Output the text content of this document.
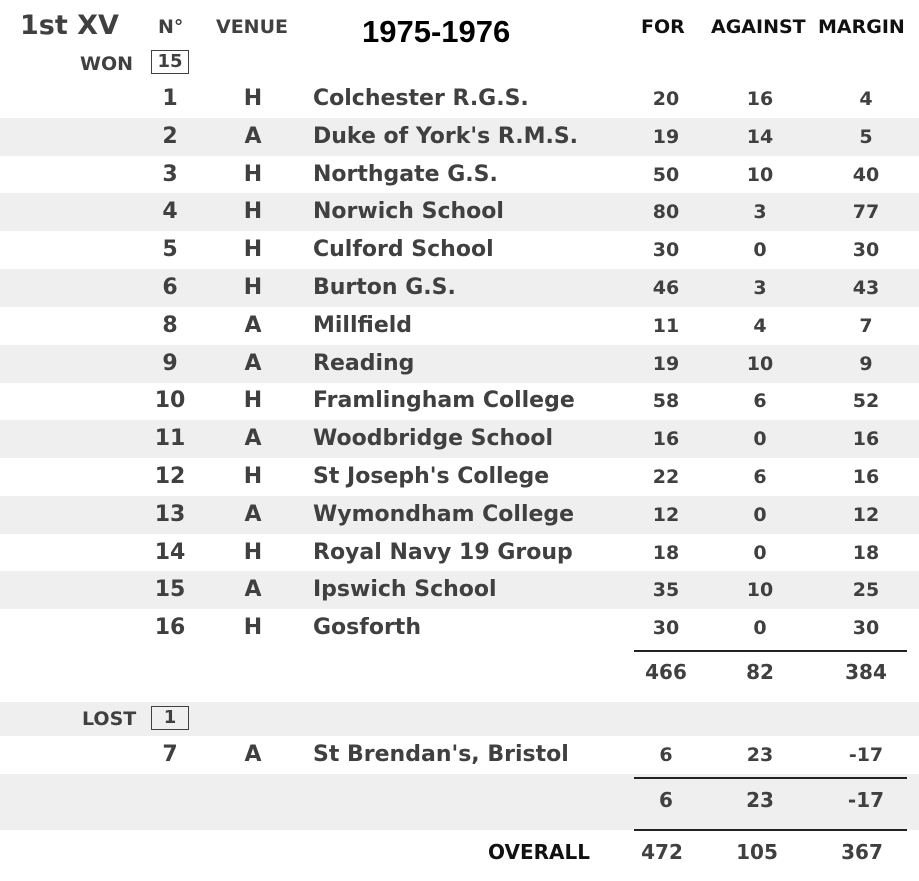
1st XV N° VENUE 1975-1976	FOR AGAINST MARGIN
WON	15
1	H	Colchester R.G.S.	20	16	4
2	A	Duke of York's R.M.S.	19	14	5
3	H	Northgate G.S.	50	10	40
4	H	Norwich School	80	3	77
5	H	Culford School	30	0	30
6	H	Burton G.S.	46	3	43
8	A	Millfield	11	4	7
9	A	Reading	19	10	9
10	H	Framlingham College	58	6	52
11	A	Woodbridge School	16	0	16
12	H	St Joseph's College	22	6	16
13	A	Wymondham College	12	0	12
14	H	Royal Navy 19 Group	18	0	18
15	A	Ipswich School	35	10	25
16	H	Gosforth	30	0	30
466	82	384
LOST	1
7	A	St Brendan's, Bristol	6	23	-17
6	23	-17
OVERALL	472	105	367
